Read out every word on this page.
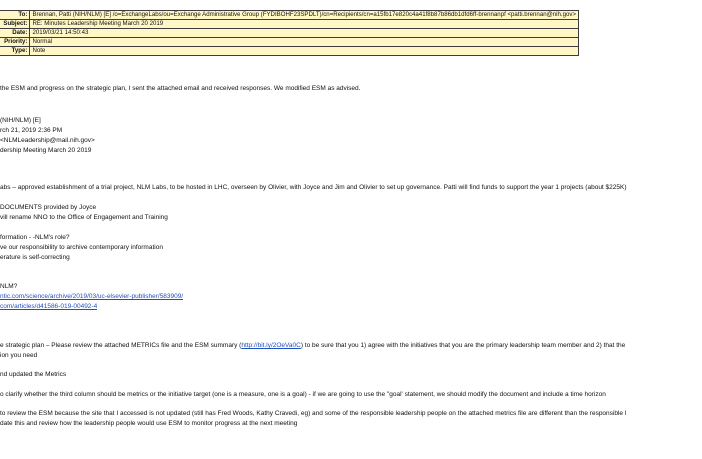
To:	Brennan, Patti (NIH/NLM) [E] /o=ExchangeLabs/ou=Exchange Administrative Group (FYDIBOHF23SPDLT)/cn=Recipients/cn=a15fb17e820c4a41f8b87b86db1dfd6ff-brennanpf <patti.brennan@nih.gov>
Subject:	RE: Minutes Leadership Meeting March 20 2019
Date:	2019/03/21 14:50:43
Priority:	Normal
Type:	Note
the ESM and progress on the strategic plan, I sent the attached email and received responses. We modified ESM as advised.
(NIH/NLM) [E]
rch 21, 2019 2:36 PM
<NLMLeadership@mail.nih.gov>
dership Meeting March 20 2019
abs – approved establishment of a trial project, NLM Labs, to be hosted in LHC, overseen by Olivier, with Joyce and Jim and Olivier to set up governance. Patti will find funds to support the year 1 projects (about $225K)
DOCUMENTS provided by Joyce
vill rename NNO to the Office of Engagement and Training
formation - -NLM's role?
ve our responsibility to archive contemporary information
erature is self-correcting
NLM?
ntic.com/science/archive/2019/03/uc-elsevier-publisher/583909/
com/articles/d41586-019-00492-4
e strategic plan – Please review the attached METRICs file and the ESM summary (http://bit.ly/2OeVa0C) to be sure that you 1) agree with the initiatives that you are the primary leadership team member and 2) that the
ion you need
nd updated the Metrics
o clarify whether the third column should be metrics or the initiative target (one is a measure, one is a goal) - if we are going to use the "goal' statement, we should modify the document and include a time horizon
to review the ESM because the site that I accessed is not updated (still has Fred Woods, Kathy Cravedi, eg) and some of the responsible leadership people on the attached metrics file are different than the responsible l
date this and review how the leadership people would use ESM to monitor progress at the next meeting
